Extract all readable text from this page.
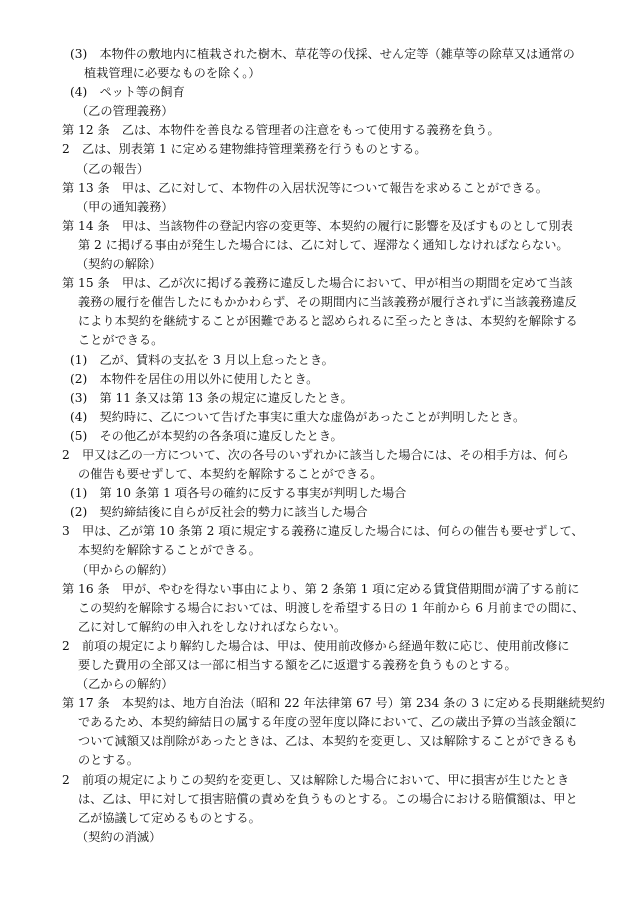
(3)　本物件の敷地内に植栽された樹木、草花等の伐採、せん定等（雑草等の除草又は通常の
植栽管理に必要なものを除く。）
(4)　ペット等の飼育
（乙の管理義務）
第 12 条　乙は、本物件を善良なる管理者の注意をもって使用する義務を負う。
2　乙は、別表第 1 に定める建物維持管理業務を行うものとする。
（乙の報告）
第 13 条　甲は、乙に対して、本物件の入居状況等について報告を求めることができる。
（甲の通知義務）
第 14 条　甲は、当該物件の登記内容の変更等、本契約の履行に影響を及ぼすものとして別表
第 2 に掲げる事由が発生した場合には、乙に対して、遅滞なく通知しなければならない。
（契約の解除）
第 15 条　甲は、乙が次に掲げる義務に違反した場合において、甲が相当の期間を定めて当該
義務の履行を催告したにもかかわらず、その期間内に当該義務が履行されずに当該義務違反
により本契約を継続することが困難であると認められるに至ったときは、本契約を解除する
ことができる。
(1)　乙が、賃料の支払を 3 月以上怠ったとき。
(2)　本物件を居住の用以外に使用したとき。
(3)　第 11 条又は第 13 条の規定に違反したとき。
(4)　契約時に、乙について告げた事実に重大な虚偽があったことが判明したとき。
(5)　その他乙が本契約の各条項に違反したとき。
2　甲又は乙の一方について、次の各号のいずれかに該当した場合には、その相手方は、何ら
の催告も要せずして、本契約を解除することができる。
(1)　第 10 条第 1 項各号の確約に反する事実が判明した場合
(2)　契約締結後に自らが反社会的勢力に該当した場合
3　甲は、乙が第 10 条第 2 項に規定する義務に違反した場合には、何らの催告も要せずして、
本契約を解除することができる。
（甲からの解約）
第 16 条　甲が、やむを得ない事由により、第 2 条第 1 項に定める賃貸借期間が満了する前に
この契約を解除する場合においては、明渡しを希望する日の 1 年前から 6 月前までの間に、
乙に対して解約の申入れをしなければならない。
2　前項の規定により解約した場合は、甲は、使用前改修から経過年数に応じ、使用前改修に
要した費用の全部又は一部に相当する額を乙に返還する義務を負うものとする。
（乙からの解約）
第 17 条　本契約は、地方自治法（昭和 22 年法律第 67 号）第 234 条の 3 に定める長期継続契約
であるため、本契約締結日の属する年度の翌年度以降において、乙の歳出予算の当該金額に
ついて減額又は削除があったときは、乙は、本契約を変更し、又は解除することができるも
のとする。
2　前項の規定によりこの契約を変更し、又は解除した場合において、甲に損害が生じたとき
は、乙は、甲に対して損害賠償の責めを負うものとする。この場合における賠償額は、甲と
乙が協議して定めるものとする。
（契約の消滅）
